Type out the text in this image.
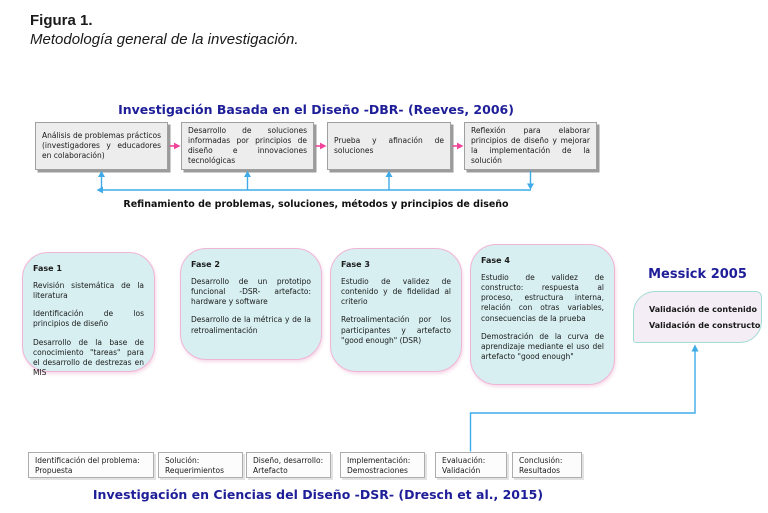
Figura 1.
Metodología general de la investigación.
Investigación Basada en el Diseño -DBR- (Reeves, 2006)
Análisis de problemas prácticos (investigadores y educadores en colaboración)
Desarrollo de soluciones informadas por principios de diseño e innovaciones tecnológicas
Prueba y afinación de soluciones
Reflexión para elaborar principios de diseño y mejorar la implementación de la solución
Refinamiento de problemas, soluciones, métodos y principios de diseño
Fase 1

Revisión sistemática de la literatura

Identificación de los principios de diseño

Desarrollo de la base de conocimiento "tareas" para el desarrollo de destrezas en MIS

Fase 2

Desarrollo de un prototipo funcional -DSR- artefacto: hardware y software

Desarrollo de la métrica y de la retroalimentación

Fase 3

Estudio de validez de contenido y de fidelidad al criterio

Retroalimentación por los participantes y artefacto "good enough" (DSR)

Fase 4

Estudio de validez de constructo: respuesta al proceso, estructura interna, relación con otras variables, consecuencias de la prueba

Demostración de la curva de aprendizaje mediante el uso del artefacto "good enough"

Messick 2005
Validación de contenido
Validación de constructo
Identificación del problema:
Propuesta
Solución:
Requerimientos
Diseño, desarrollo:
Artefacto
Implementación:
Demostraciones
Evaluación:
Validación
Conclusión:
Resultados
Investigación en Ciencias del Diseño -DSR- (Dresch et al., 2015)
